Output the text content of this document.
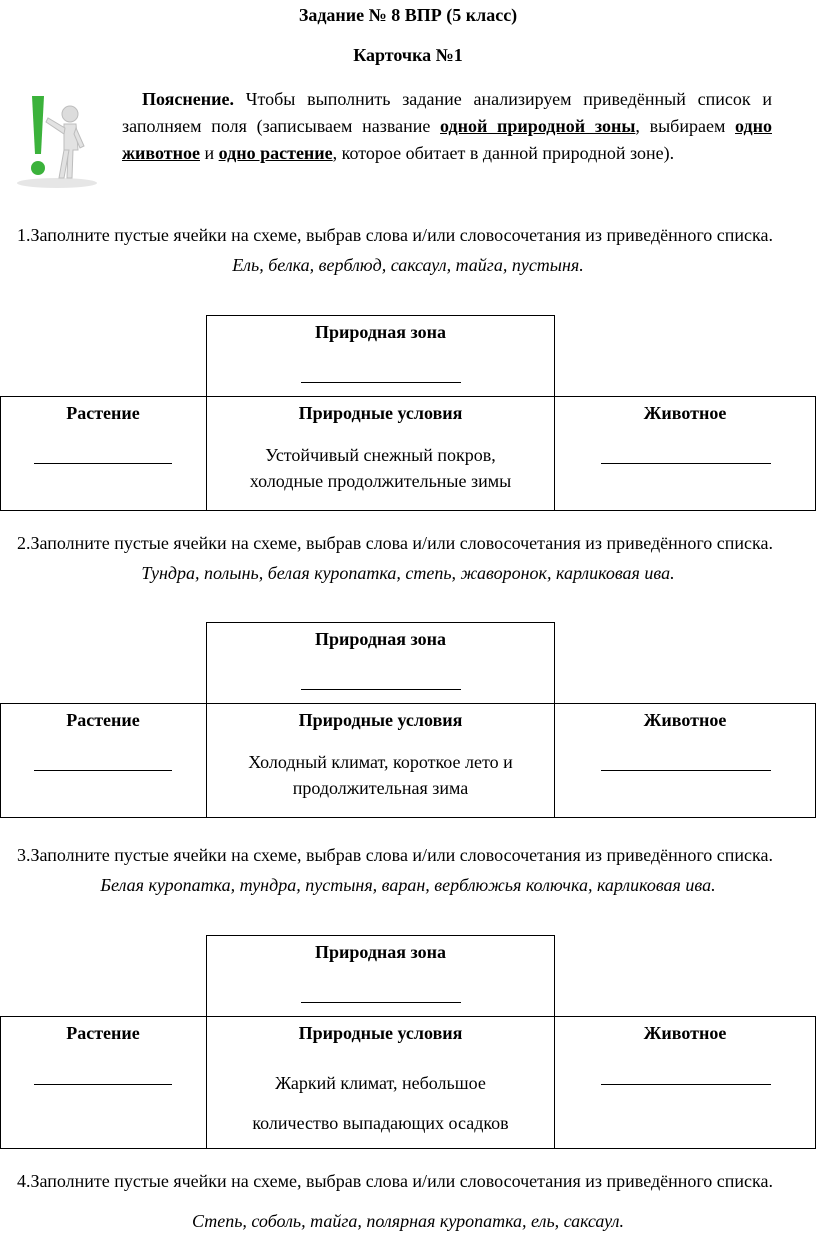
Задание № 8 ВПР (5 класс)
Карточка №1
Пояснение. Чтобы выполнить задание анализируем приведённый список и заполняем поля (записываем название одной природной зоны, выбираем одно животное и одно растение, которое обитает в данной природной зоне).
1.Заполните пустые ячейки на схеме, выбрав слова и/или словосочетания из приведённого списка.
Ель, белка, верблюд, саксаул, тайга, пустыня.
Природная зона
Растение	Природные условия	Животное
Устойчивый снежный покров,
холодные продолжительные зимы
2.Заполните пустые ячейки на схеме, выбрав слова и/или словосочетания из приведённого списка.
Тундра, полынь, белая куропатка, степь, жаворонок, карликовая ива.
Природная зона
Растение	Природные условия	Животное
Холодный климат, короткое лето и
продолжительная зима
3.Заполните пустые ячейки на схеме, выбрав слова и/или словосочетания из приведённого списка.
Белая куропатка, тундра, пустыня, варан, верблюжья колючка, карликовая ива.
Природная зона
Растение	Природные условия	Животное
Жаркий климат, небольшое
количество выпадающих осадков
4.Заполните пустые ячейки на схеме, выбрав слова и/или словосочетания из приведённого списка.
Степь, соболь, тайга, полярная куропатка, ель, саксаул.
